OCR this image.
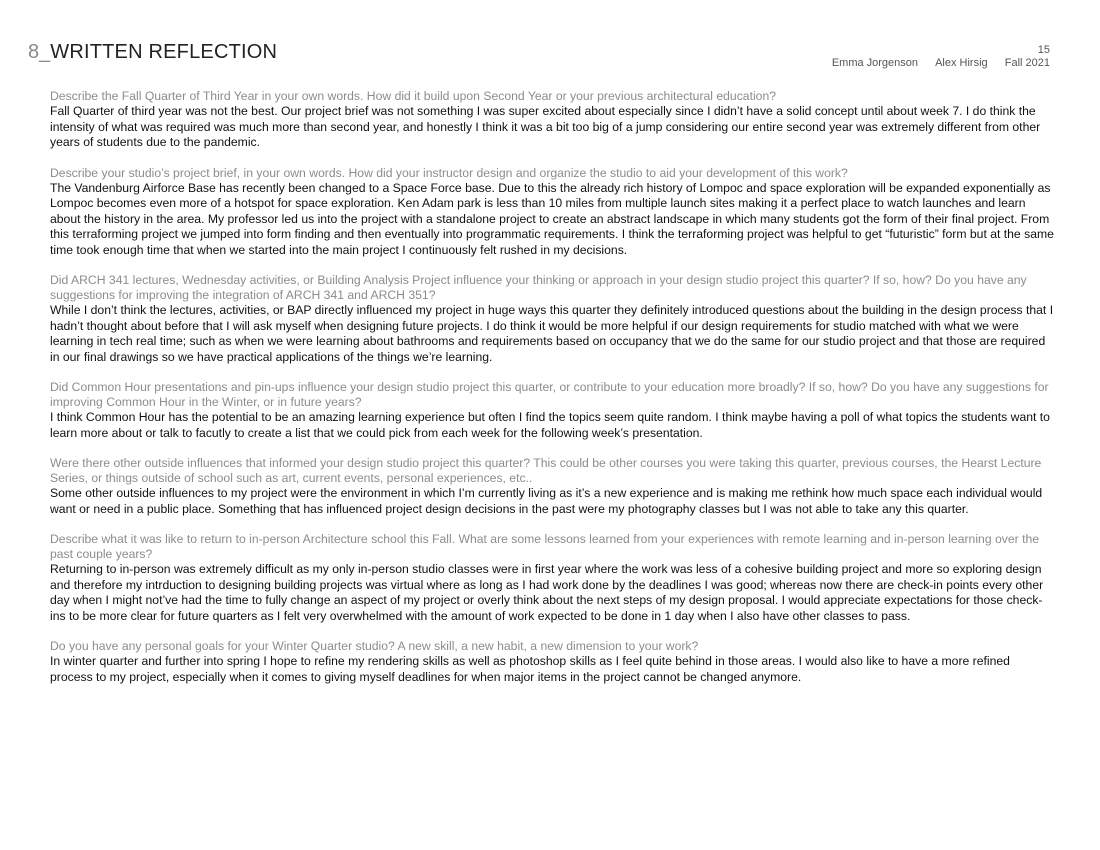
8_WRITTEN REFLECTION	15
Emma Jorgenson Alex Hirsig Fall 2021

Describe the Fall Quarter of Third Year in your own words. How did it build upon Second Year or your previous architectural education?

Fall Quarter of third year was not the best. Our project brief was not something I was super excited about especially since I didn’t have a solid concept until about week 7. I do think the intensity of what was required was much more than second year, and honestly I think it was a bit too big of a jump considering our entire second year was extremely different from other years of students due to the pandemic.

Describe your studio’s project brief, in your own words. How did your instructor design and organize the studio to aid your development of this work?

The Vandenburg Airforce Base has recently been changed to a Space Force base. Due to this the already rich history of Lompoc and space exploration will be expanded exponentially as Lompoc becomes even more of a hotspot for space exploration. Ken Adam park is less than 10 miles from multiple launch sites making it a perfect place to watch launches and learn about the history in the area. My professor led us into the project with a standalone project to create an abstract landscape in which many students got the form of their final project. From this terraforming project we jumped into form finding and then eventually into programmatic requirements. I think the terraforming project was helpful to get “futuristic” form but at the same time took enough time that when we started into the main project I continuously felt rushed in my decisions.

Did ARCH 341 lectures, Wednesday activities, or Building Analysis Project influence your thinking or approach in your design studio project this quarter? If so, how? Do you have any suggestions for improving the integration of ARCH 341 and ARCH 351?

While I don’t think the lectures, activities, or BAP directly influenced my project in huge ways this quarter they definitely introduced questions about the building in the design process that I hadn’t thought about before that I will ask myself when designing future projects. I do think it would be more helpful if our design requirements for studio matched with what we were learning in tech real time; such as when we were learning about bathrooms and requirements based on occupancy that we do the same for our studio project and that those are required in our final drawings so we have practical applications of the things we’re learning.

Did Common Hour presentations and pin-ups influence your design studio project this quarter, or contribute to your education more broadly? If so, how? Do you have any suggestions for improving Common Hour in the Winter, or in future years?

I think Common Hour has the potential to be an amazing learning experience but often I find the topics seem quite random. I think maybe having a poll of what topics the students want to learn more about or talk to facutly to create a list that we could pick from each week for the following week’s presentation.

Were there other outside influences that informed your design studio project this quarter? This could be other courses you were taking this quarter, previous courses, the Hearst Lecture Series, or things outside of school such as art, current events, personal experiences, etc..

Some other outside influences to my project were the environment in which I’m currently living as it’s a new experience and is making me rethink how much space each individual would want or need in a public place. Something that has influenced project design decisions in the past were my photography classes but I was not able to take any this quarter.

Describe what it was like to return to in-person Architecture school this Fall. What are some lessons learned from your experiences with remote learning and in-person learning over the past couple years?

Returning to in-person was extremely difficult as my only in-person studio classes were in first year where the work was less of a cohesive building project and more so exploring design and therefore my intrduction to designing building projects was virtual where as long as I had work done by the deadlines I was good; whereas now there are check-in points every other day when I might not’ve had the time to fully change an aspect of my project or overly think about the next steps of my design proposal. I would appreciate expectations for those check-ins to be more clear for future quarters as I felt very overwhelmed with the amount of work expected to be done in 1 day when I also have other classes to pass.

Do you have any personal goals for your Winter Quarter studio? A new skill, a new habit, a new dimension to your work?

In winter quarter and further into spring I hope to refine my rendering skills as well as photoshop skills as I feel quite behind in those areas. I would also like to have a more refined process to my project, especially when it comes to giving myself deadlines for when major items in the project cannot be changed anymore.
